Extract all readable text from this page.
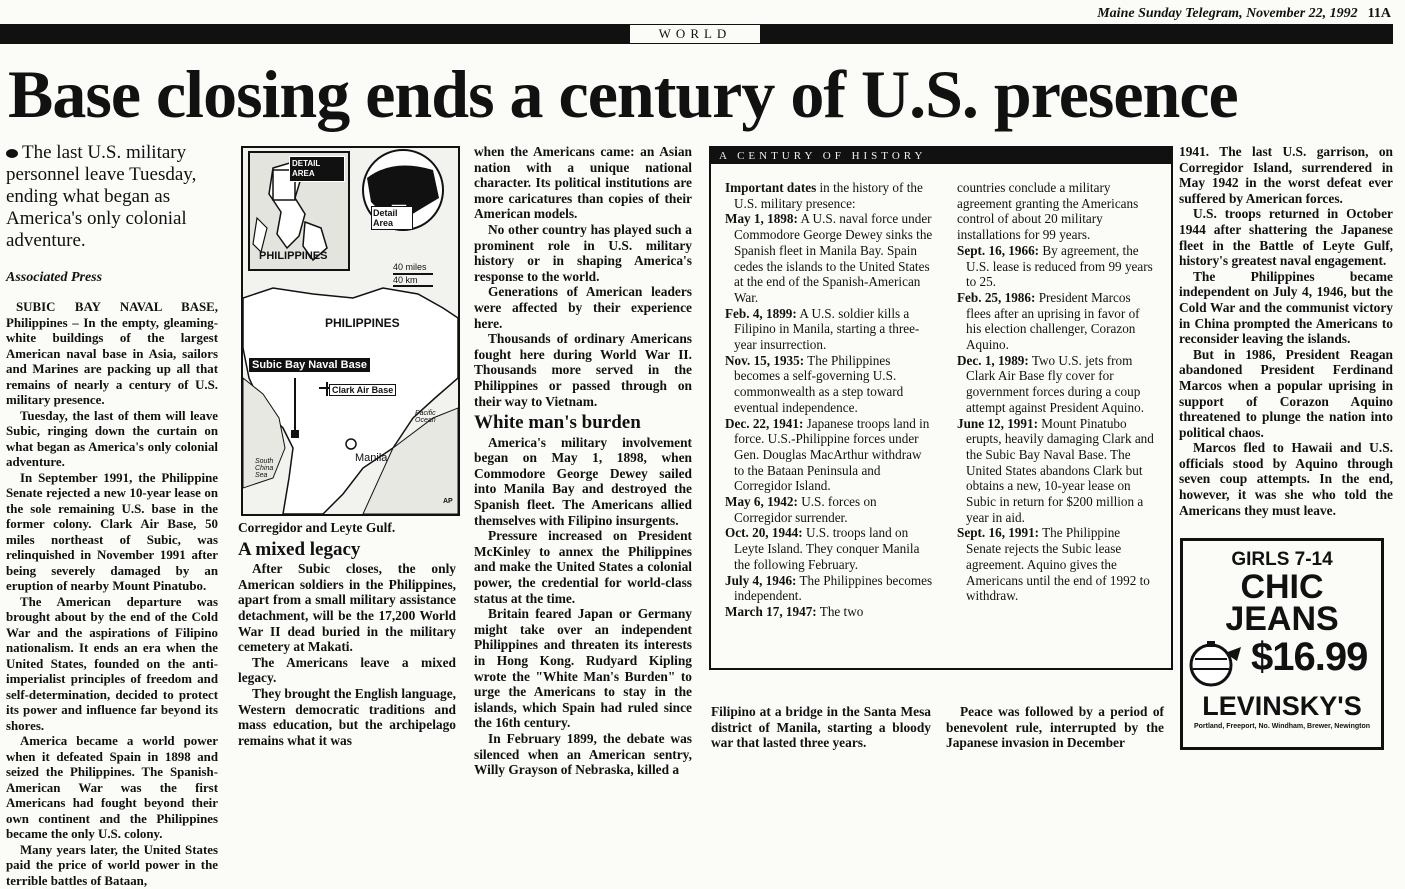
Maine Sunday Telegram, November 22, 1992 11A
WORLD
Base closing ends a century of U.S. presence
The last U.S. military personnel leave Tuesday, ending what began as America's only colonial adventure.
Associated Press

SUBIC BAY NAVAL BASE, Philippines – In the empty, gleaming-white buildings of the largest American naval base in Asia, sailors and Marines are packing up all that remains of nearly a century of U.S. military presence.

Tuesday, the last of them will leave Subic, ringing down the curtain on what began as America's only colonial adventure.

In September 1991, the Philippine Senate rejected a new 10-year lease on the sole remaining U.S. base in the former colony. Clark Air Base, 50 miles northeast of Subic, was relinquished in November 1991 after being severely damaged by an eruption of nearby Mount Pinatubo.

The American departure was brought about by the end of the Cold War and the aspirations of Filipino nationalism. It ends an era when the United States, founded on the anti-imperialist principles of freedom and self-determination, decided to protect its power and influence far beyond its shores.

America became a world power when it defeated Spain in 1898 and seized the Philippines. The Spanish-American War was the first Americans had fought beyond their own continent and the Philippines became the only U.S. colony.

Many years later, the United States paid the price of world power in the terrible battles of Bataan,

DETAIL AREA
ASIA
Detail Area
PHILIPPINES
40 miles
40 km
PHILIPPINES
Subic Bay Naval Base
Clark Air Base
Pacific Ocean
South China Sea
Manila
AP

Corregidor and Leyte Gulf.

A mixed legacy

After Subic closes, the only American soldiers in the Philippines, apart from a small military assistance detachment, will be the 17,200 World War II dead buried in the military cemetery at Makati.

The Americans leave a mixed legacy.

They brought the English language, Western democratic traditions and mass education, but the archipelago remains what it was

when the Americans came: an Asian nation with a unique national character. Its political institutions are more caricatures than copies of their American models.

No other country has played such a prominent role in U.S. military history or in shaping America's response to the world.

Generations of American leaders were affected by their experience here.

Thousands of ordinary Americans fought here during World War II. Thousands more served in the Philippines or passed through on their way to Vietnam.

White man's burden

America's military involvement began on May 1, 1898, when Commodore George Dewey sailed into Manila Bay and destroyed the Spanish fleet. The Americans allied themselves with Filipino insurgents.

Pressure increased on President McKinley to annex the Philippines and make the United States a colonial power, the credential for world-class status at the time.

Britain feared Japan or Germany might take over an independent Philippines and threaten its interests in Hong Kong. Rudyard Kipling wrote the "White Man's Burden" to urge the Americans to stay in the islands, which Spain had ruled since the 16th century.

In February 1899, the debate was silenced when an American sentry, Willy Grayson of Nebraska, killed a

A CENTURY OF HISTORY
Important dates in the history of the U.S. military presence:
May 1, 1898: A U.S. naval force under Commodore George Dewey sinks the Spanish fleet in Manila Bay. Spain cedes the islands to the United States at the end of the Spanish-American War.
Feb. 4, 1899: A U.S. soldier kills a Filipino in Manila, starting a three-year insurrection.
Nov. 15, 1935: The Philippines becomes a self-governing U.S. commonwealth as a step toward eventual independence.
Dec. 22, 1941: Japanese troops land in force. U.S.-Philippine forces under Gen. Douglas MacArthur withdraw to the Bataan Peninsula and Corregidor Island.
May 6, 1942: U.S. forces on Corregidor surrender.
Oct. 20, 1944: U.S. troops land on Leyte Island. They conquer Manila the following February.
July 4, 1946: The Philippines becomes independent.
March 17, 1947: The two
countries conclude a military agreement granting the Americans control of about 20 military installations for 99 years.
Sept. 16, 1966: By agreement, the U.S. lease is reduced from 99 years to 25.
Feb. 25, 1986: President Marcos flees after an uprising in favor of his election challenger, Corazon Aquino.
Dec. 1, 1989: Two U.S. jets from Clark Air Base fly cover for government forces during a coup attempt against President Aquino.
June 12, 1991: Mount Pinatubo erupts, heavily damaging Clark and the Subic Bay Naval Base. The United States abandons Clark but obtains a new, 10-year lease on Subic in return for $200 million a year in aid.
Sept. 16, 1991: The Philippine Senate rejects the Subic lease agreement. Aquino gives the Americans until the end of 1992 to withdraw.

Filipino at a bridge in the Santa Mesa district of Manila, starting a bloody war that lasted three years.

Peace was followed by a period of benevolent rule, interrupted by the Japanese invasion in December

1941. The last U.S. garrison, on Corregidor Island, surrendered in May 1942 in the worst defeat ever suffered by American forces.

U.S. troops returned in October 1944 after shattering the Japanese fleet in the Battle of Leyte Gulf, history's greatest naval engagement.

The Philippines became independent on July 4, 1946, but the Cold War and the communist victory in China prompted the Americans to reconsider leaving the islands.

But in 1986, President Reagan abandoned President Ferdinand Marcos when a popular uprising in support of Corazon Aquino threatened to plunge the nation into political chaos.

Marcos fled to Hawaii and U.S. officials stood by Aquino through seven coup attempts. In the end, however, it was she who told the Americans they must leave.

GIRLS 7-14
CHIC
JEANS
$16.99
LEVINSKY'S
Portland, Freeport, No. Windham, Brewer, Newington
